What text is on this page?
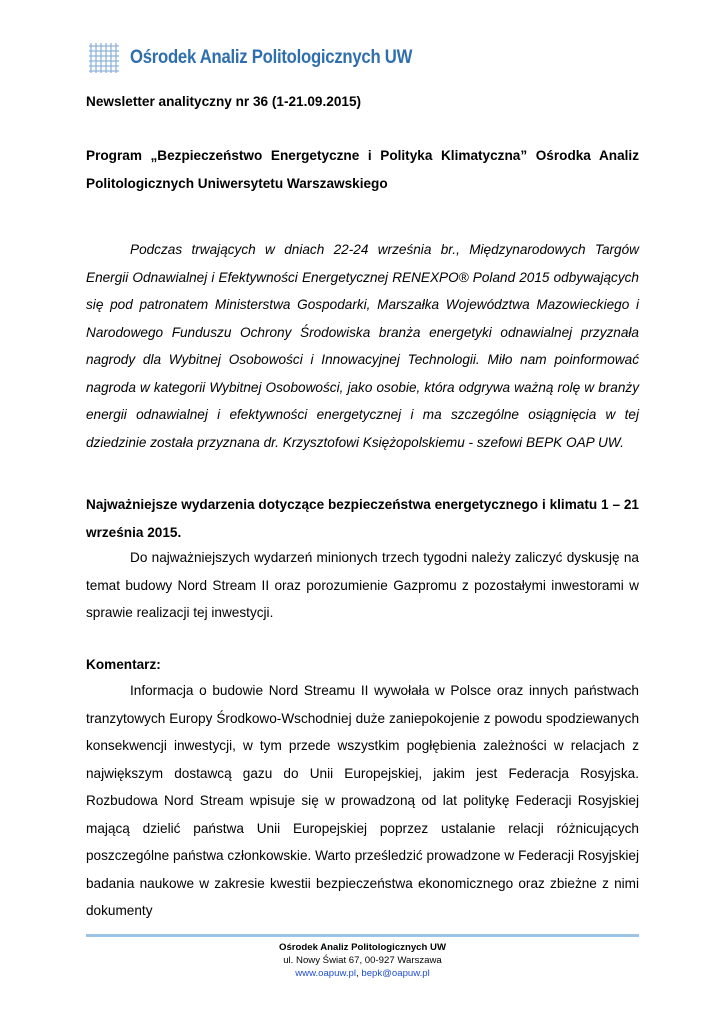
Ośrodek Analiz Politologicznych UW
Newsletter analityczny nr 36 (1-21.09.2015)
Program „Bezpieczeństwo Energetyczne i Polityka Klimatyczna” Ośrodka Analiz Politologicznych Uniwersytetu Warszawskiego
Podczas trwających w dniach 22-24 września br., Międzynarodowych Targów Energii Odnawialnej i Efektywności Energetycznej RENEXPO® Poland 2015 odbywających się pod patronatem Ministerstwa Gospodarki, Marszałka Województwa Mazowieckiego i Narodowego Funduszu Ochrony Środowiska branża energetyki odnawialnej przyznała nagrody dla Wybitnej Osobowości i Innowacyjnej Technologii. Miło nam poinformować nagroda w kategorii Wybitnej Osobowości, jako osobie, która odgrywa ważną rolę w branży energii odnawialnej i efektywności energetycznej i ma szczególne osiągnięcia w tej dziedzinie została przyznana dr. Krzysztofowi Księżopolskiemu - szefowi BEPK OAP UW.
Najważniejsze wydarzenia dotyczące bezpieczeństwa energetycznego i klimatu 1 – 21 września 2015.
Do najważniejszych wydarzeń minionych trzech tygodni należy zaliczyć dyskusję na temat budowy Nord Stream II oraz porozumienie Gazpromu z pozostałymi inwestorami w sprawie realizacji tej inwestycji.
Komentarz:
Informacja o budowie Nord Streamu II wywołała w Polsce oraz innych państwach tranzytowych Europy Środkowo-Wschodniej duże zaniepokojenie z powodu spodziewanych konsekwencji inwestycji, w tym przede wszystkim pogłębienia zależności w relacjach z największym dostawcą gazu do Unii Europejskiej, jakim jest Federacja Rosyjska. Rozbudowa Nord Stream wpisuje się w prowadzoną od lat politykę Federacji Rosyjskiej mającą dzielić państwa Unii Europejskiej poprzez ustalanie relacji różnicujących poszczególne państwa członkowskie. Warto prześledzić prowadzone w Federacji Rosyjskiej badania naukowe w zakresie kwestii bezpieczeństwa ekonomicznego oraz zbieżne z nimi dokumenty
Ośrodek Analiz Politologicznych UW
ul. Nowy Świat 67, 00-927 Warszawa
www.oapuw.pl, bepk@oapuw.pl
